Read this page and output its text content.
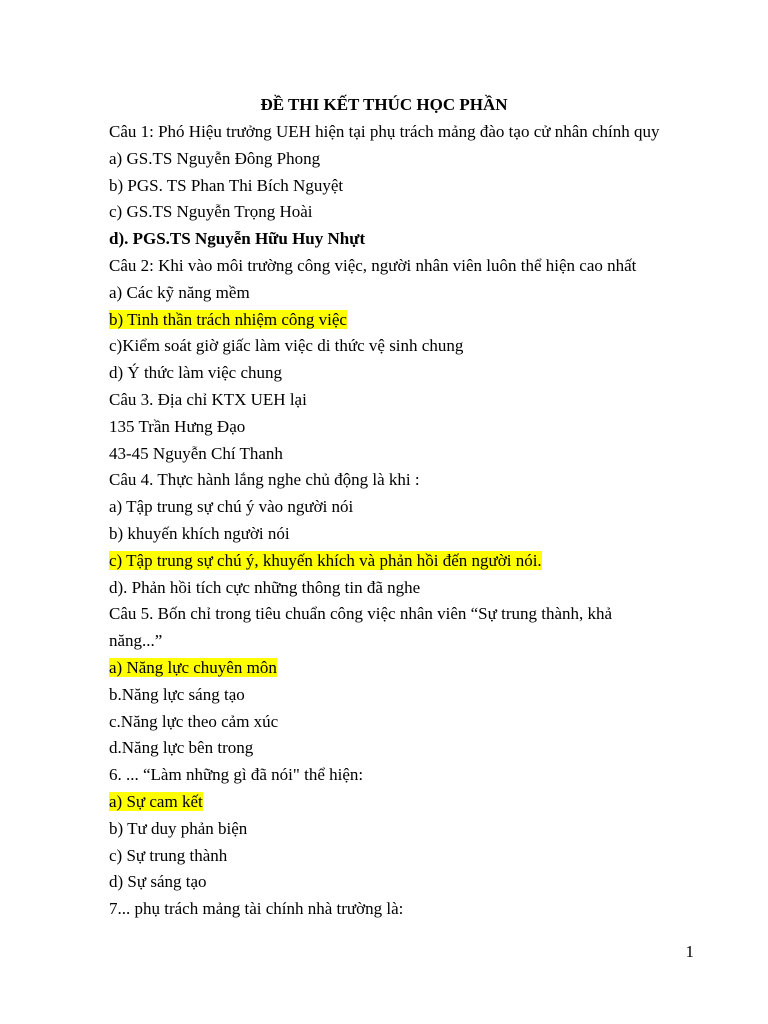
ĐỀ THI KẾT THÚC HỌC PHẦN
Câu 1: Phó Hiệu trưởng UEH hiện tại phụ trách mảng đào tạo cử nhân chính quy
a) GS.TS Nguyễn Đông Phong
b) PGS. TS Phan Thi Bích Nguyệt
c) GS.TS Nguyễn Trọng Hoài
d). PGS.TS Nguyễn Hữu Huy Nhựt
Câu 2: Khi vào môi trường công việc, người nhân viên luôn thể hiện cao nhất
a) Các kỹ năng mềm
b) Tinh thần trách nhiệm công việc
c)Kiểm soát giờ giấc làm việc di thức vệ sinh chung
d) Ý thức làm việc chung
Câu 3. Địa chỉ KTX UEH lại
135 Trần Hưng Đạo
43-45 Nguyễn Chí Thanh
Câu 4. Thực hành lắng nghe chủ động là khi :
a) Tập trung sự chú ý vào người nói
b) khuyến khích người nói
c) Tập trung sự chú ý, khuyến khích và phản hồi đến người nói.
d). Phản hồi tích cực những thông tin đã nghe
Câu 5. Bốn chỉ trong tiêu chuẩn công việc nhân viên “Sự trung thành, khả
năng...”
a) Năng lực chuyên môn
b.Năng lực sáng tạo
c.Năng lực theo cảm xúc
d.Năng lực bên trong
6. ... “Làm những gì đã nói" thể hiện:
a) Sự cam kết
b) Tư duy phản biện
c) Sự trung thành
d) Sự sáng tạo
7... phụ trách mảng tài chính nhà trường là:
1
